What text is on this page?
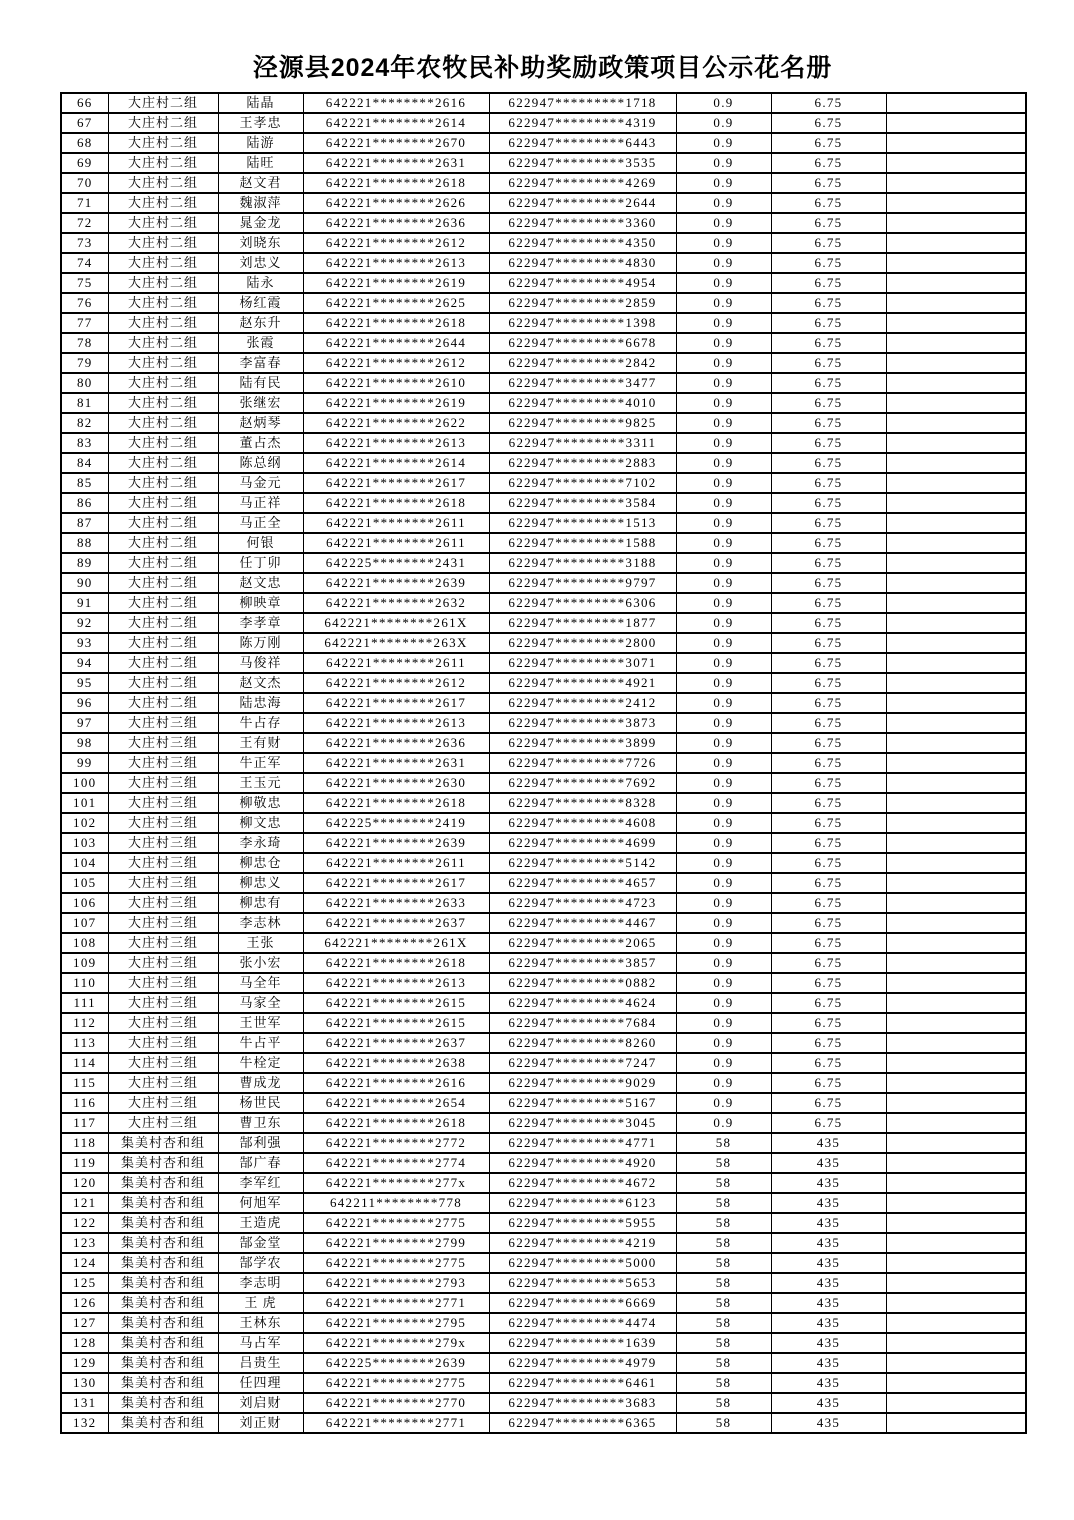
泾源县2024年农牧民补助奖励政策项目公示花名册
66	大庄村二组	陆晶	642221********2616	622947*********1718	0.9	6.75	
67	大庄村二组	王孝忠	642221********2614	622947*********4319	0.9	6.75	
68	大庄村二组	陆游	642221********2670	622947*********6443	0.9	6.75	
69	大庄村二组	陆旺	642221********2631	622947*********3535	0.9	6.75	
70	大庄村二组	赵文君	642221********2618	622947*********4269	0.9	6.75	
71	大庄村二组	魏淑萍	642221********2626	622947*********2644	0.9	6.75	
72	大庄村二组	晁金龙	642221********2636	622947*********3360	0.9	6.75	
73	大庄村二组	刘晓东	642221********2612	622947*********4350	0.9	6.75	
74	大庄村二组	刘忠义	642221********2613	622947*********4830	0.9	6.75	
75	大庄村二组	陆永	642221********2619	622947*********4954	0.9	6.75	
76	大庄村二组	杨红霞	642221********2625	622947*********2859	0.9	6.75	
77	大庄村二组	赵东升	642221********2618	622947*********1398	0.9	6.75	
78	大庄村二组	张霞	642221********2644	622947*********6678	0.9	6.75	
79	大庄村二组	李富春	642221********2612	622947*********2842	0.9	6.75	
80	大庄村二组	陆有民	642221********2610	622947*********3477	0.9	6.75	
81	大庄村二组	张继宏	642221********2619	622947*********4010	0.9	6.75	
82	大庄村二组	赵炳琴	642221********2622	622947*********9825	0.9	6.75	
83	大庄村二组	董占杰	642221********2613	622947*********3311	0.9	6.75	
84	大庄村二组	陈总纲	642221********2614	622947*********2883	0.9	6.75	
85	大庄村二组	马金元	642221********2617	622947*********7102	0.9	6.75	
86	大庄村二组	马正祥	642221********2618	622947*********3584	0.9	6.75	
87	大庄村二组	马正全	642221********2611	622947*********1513	0.9	6.75	
88	大庄村二组	何银	642221********2611	622947*********1588	0.9	6.75	
89	大庄村二组	任丁卯	642225********2431	622947*********3188	0.9	6.75	
90	大庄村二组	赵文忠	642221********2639	622947*********9797	0.9	6.75	
91	大庄村二组	柳映章	642221********2632	622947*********6306	0.9	6.75	
92	大庄村二组	李孝章	642221********261X	622947*********1877	0.9	6.75	
93	大庄村二组	陈万刚	642221********263X	622947*********2800	0.9	6.75	
94	大庄村二组	马俊祥	642221********2611	622947*********3071	0.9	6.75	
95	大庄村二组	赵文杰	642221********2612	622947*********4921	0.9	6.75	
96	大庄村二组	陆忠海	642221********2617	622947*********2412	0.9	6.75	
97	大庄村三组	牛占存	642221********2613	622947*********3873	0.9	6.75	
98	大庄村三组	王有财	642221********2636	622947*********3899	0.9	6.75	
99	大庄村三组	牛正军	642221********2631	622947*********7726	0.9	6.75	
100	大庄村三组	王玉元	642221********2630	622947*********7692	0.9	6.75	
101	大庄村三组	柳敬忠	642221********2618	622947*********8328	0.9	6.75	
102	大庄村三组	柳文忠	642225********2419	622947*********4608	0.9	6.75	
103	大庄村三组	李永琦	642221********2639	622947*********4699	0.9	6.75	
104	大庄村三组	柳忠仓	642221********2611	622947*********5142	0.9	6.75	
105	大庄村三组	柳忠义	642221********2617	622947*********4657	0.9	6.75	
106	大庄村三组	柳忠有	642221********2633	622947*********4723	0.9	6.75	
107	大庄村三组	李志林	642221********2637	622947*********4467	0.9	6.75	
108	大庄村三组	王张	642221********261X	622947*********2065	0.9	6.75	
109	大庄村三组	张小宏	642221********2618	622947*********3857	0.9	6.75	
110	大庄村三组	马全年	642221********2613	622947*********0882	0.9	6.75	
111	大庄村三组	马家全	642221********2615	622947*********4624	0.9	6.75	
112	大庄村三组	王世军	642221********2615	622947*********7684	0.9	6.75	
113	大庄村三组	牛占平	642221********2637	622947*********8260	0.9	6.75	
114	大庄村三组	牛栓定	642221********2638	622947*********7247	0.9	6.75	
115	大庄村三组	曹成龙	642221********2616	622947*********9029	0.9	6.75	
116	大庄村三组	杨世民	642221********2654	622947*********5167	0.9	6.75	
117	大庄村三组	曹卫东	642221********2618	622947*********3045	0.9	6.75	
118	集美村杏和组	郜利强	642221********2772	622947*********4771	58	435	
119	集美村杏和组	郜广春	642221********2774	622947*********4920	58	435	
120	集美村杏和组	李军红	642221********277x	622947*********4672	58	435	
121	集美村杏和组	何旭军	642211********778	622947*********6123	58	435	
122	集美村杏和组	王造虎	642221********2775	622947*********5955	58	435	
123	集美村杏和组	郜金堂	642221********2799	622947*********4219	58	435	
124	集美村杏和组	郜学农	642221********2775	622947*********5000	58	435	
125	集美村杏和组	李志明	642221********2793	622947*********5653	58	435	
126	集美村杏和组	王 虎	642221********2771	622947*********6669	58	435	
127	集美村杏和组	王林东	642221********2795	622947*********4474	58	435	
128	集美村杏和组	马占军	642221********279x	622947*********1639	58	435	
129	集美村杏和组	吕贵生	642225********2639	622947*********4979	58	435	
130	集美村杏和组	任四理	642221********2775	622947*********6461	58	435	
131	集美村杏和组	刘启财	642221********2770	622947*********3683	58	435	
132	集美村杏和组	刘正财	642221********2771	622947*********6365	58	435	
